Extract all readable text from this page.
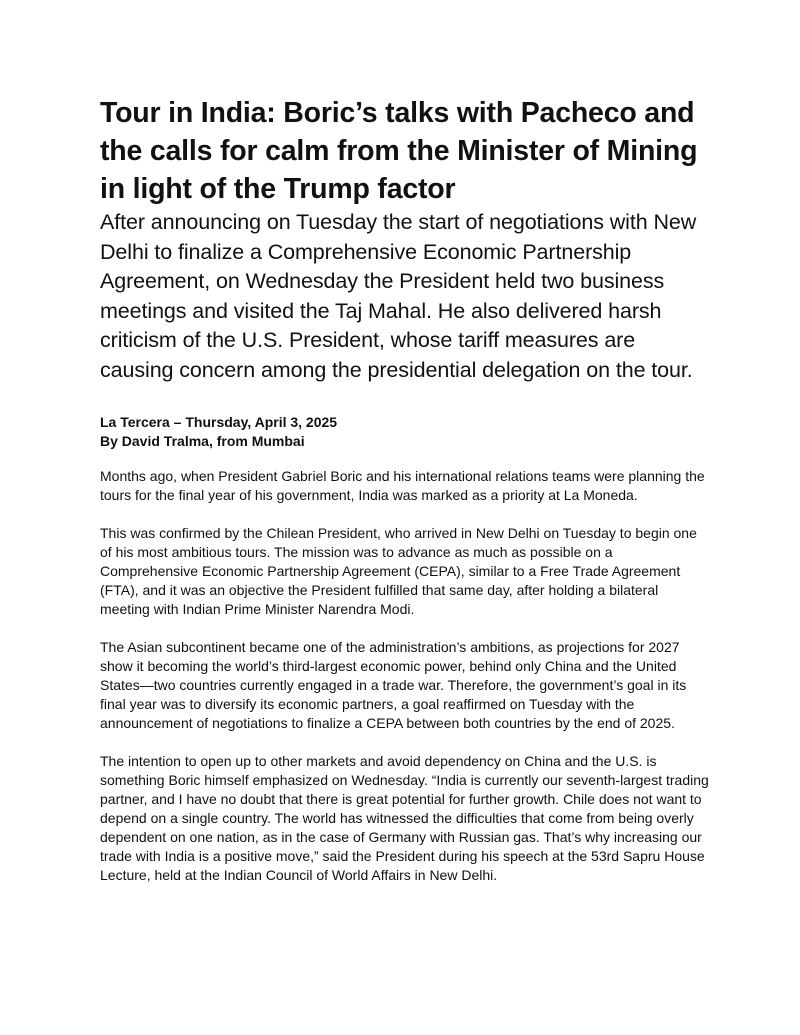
Tour in India: Boric’s talks with Pacheco and the calls for calm from the Minister of Mining in light of the Trump factor

After announcing on Tuesday the start of negotiations with New Delhi to finalize a Comprehensive Economic Partnership Agreement, on Wednesday the President held two business meetings and visited the Taj Mahal. He also delivered harsh criticism of the U.S. President, whose tariff measures are causing concern among the presidential delegation on the tour.

La Tercera – Thursday, April 3, 2025
By David Tralma, from Mumbai

Months ago, when President Gabriel Boric and his international relations teams were planning the tours for the final year of his government, India was marked as a priority at La Moneda.

This was confirmed by the Chilean President, who arrived in New Delhi on Tuesday to begin one of his most ambitious tours. The mission was to advance as much as possible on a Comprehensive Economic Partnership Agreement (CEPA), similar to a Free Trade Agreement (FTA), and it was an objective the President fulfilled that same day, after holding a bilateral meeting with Indian Prime Minister Narendra Modi.

The Asian subcontinent became one of the administration’s ambitions, as projections for 2027 show it becoming the world’s third-largest economic power, behind only China and the United States—two countries currently engaged in a trade war. Therefore, the government’s goal in its final year was to diversify its economic partners, a goal reaffirmed on Tuesday with the announcement of negotiations to finalize a CEPA between both countries by the end of 2025.

The intention to open up to other markets and avoid dependency on China and the U.S. is something Boric himself emphasized on Wednesday. “India is currently our seventh-largest trading partner, and I have no doubt that there is great potential for further growth. Chile does not want to depend on a single country. The world has witnessed the difficulties that come from being overly dependent on one nation, as in the case of Germany with Russian gas. That’s why increasing our trade with India is a positive move,” said the President during his speech at the 53rd Sapru House Lecture, held at the Indian Council of World Affairs in New Delhi.
